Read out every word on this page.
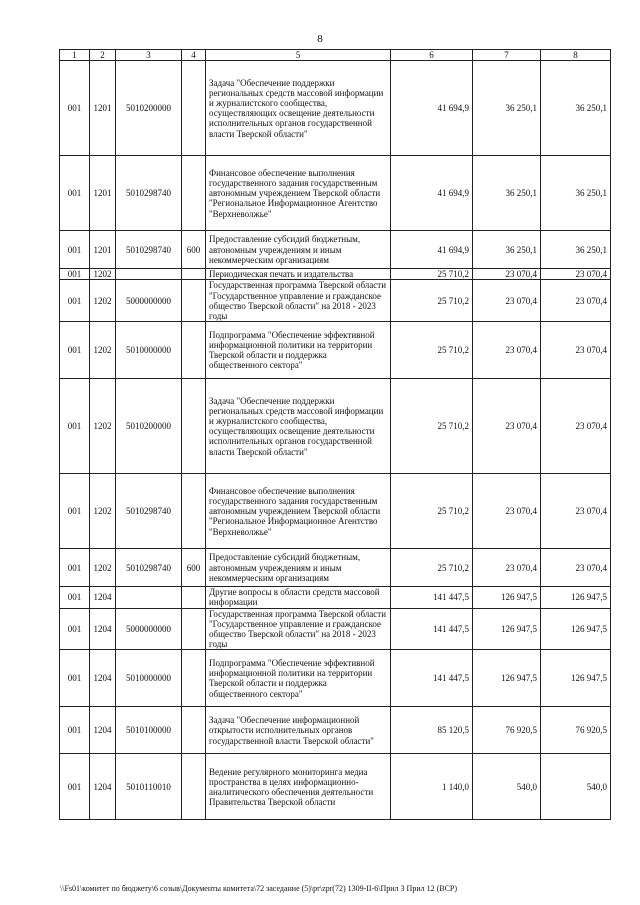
8
1	2	3	4	5	6	7	8
001	1201	5010200000		Задача "Обеспечение поддержки региональных средств массовой информации и журналистского сообщества, осуществляющих освещение деятельности исполнительных органов государственной власти Тверской области"	41 694,9	36 250,1	36 250,1
001	1201	5010298740		Финансовое обеспечение выполнения государственного задания государственным автономным учреждением Тверской области "Региональное Информационное Агентство "Верхневолжье"	41 694,9	36 250,1	36 250,1
001	1201	5010298740	600	Предоставление субсидий бюджетным, автономным учреждениям и иным некоммерческим организациям	41 694,9	36 250,1	36 250,1
001	1202			Периодическая печать и издательства	25 710,2	23 070,4	23 070,4
001	1202	5000000000		Государственная программа Тверской области "Государственное управление и гражданское общество Тверской области" на 2018 - 2023 годы	25 710,2	23 070,4	23 070,4
001	1202	5010000000		Подпрограмма "Обеспечение эффективной информационной политики на территории Тверской области и поддержка общественного сектора"	25 710,2	23 070,4	23 070,4
001	1202	5010200000		Задача "Обеспечение поддержки региональных средств массовой информации и журналистского сообщества, осуществляющих освещение деятельности исполнительных органов государственной власти Тверской области"	25 710,2	23 070,4	23 070,4
001	1202	5010298740		Финансовое обеспечение выполнения государственного задания государственным автономным учреждением Тверской области "Региональное Информационное Агентство "Верхневолжье"	25 710,2	23 070,4	23 070,4
001	1202	5010298740	600	Предоставление субсидий бюджетным, автономным учреждениям и иным некоммерческим организациям	25 710,2	23 070,4	23 070,4
001	1204			Другие вопросы в области средств массовой информации	141 447,5	126 947,5	126 947,5
001	1204	5000000000		Государственная программа Тверской области "Государственное управление и гражданское общество Тверской области" на 2018 - 2023 годы	141 447,5	126 947,5	126 947,5
001	1204	5010000000		Подпрограмма "Обеспечение эффективной информационной политики на территории Тверской области и поддержка общественного сектора"	141 447,5	126 947,5	126 947,5
001	1204	5010100000		Задача "Обеспечение информационной открытости исполнительных органов государственной власти Тверской области"	85 120,5	76 920,5	76 920,5
001	1204	5010110010		Ведение регулярного мониторинга медиа пространства в целях информационно-аналитического обеспечения деятельности Правительства Тверской области	1 140,0	540,0	540,0
\\Fs01\комитет по бюджету\6 созыв\Документы комитета\72 заседание (5)\pr\zpr(72) 1309-II-6\Прил 3 Прил 12 (ВСР)
